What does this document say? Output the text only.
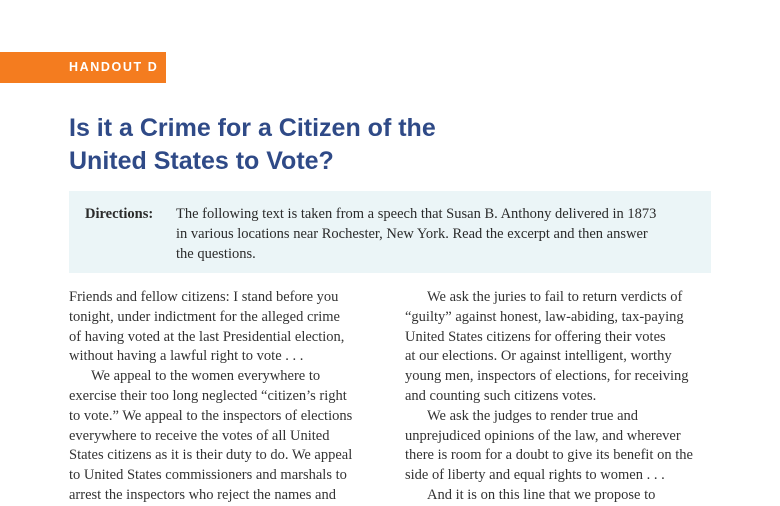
HANDOUT D
Is it a Crime for a Citizen of the
United States to Vote?
Directions: The following text is taken from a speech that Susan B. Anthony delivered in 1873
in various locations near Rochester, New York. Read the excerpt and then answer
the questions.

Friends and fellow citizens: I stand before you
tonight, under indictment for the alleged crime
of having voted at the last Presidential election,
without having a lawful right to vote . . .

We appeal to the women everywhere to
exercise their too long neglected “citizen’s right
to vote.” We appeal to the inspectors of elections
everywhere to receive the votes of all United
States citizens as it is their duty to do. We appeal
to United States commissioners and marshals to
arrest the inspectors who reject the names and

We ask the juries to fail to return verdicts of
“guilty” against honest, law-abiding, tax-paying
United States citizens for offering their votes
at our elections. Or against intelligent, worthy
young men, inspectors of elections, for receiving
and counting such citizens votes.

We ask the judges to render true and
unprejudiced opinions of the law, and wherever
there is room for a doubt to give its benefit on the
side of liberty and equal rights to women . . .

And it is on this line that we propose to
